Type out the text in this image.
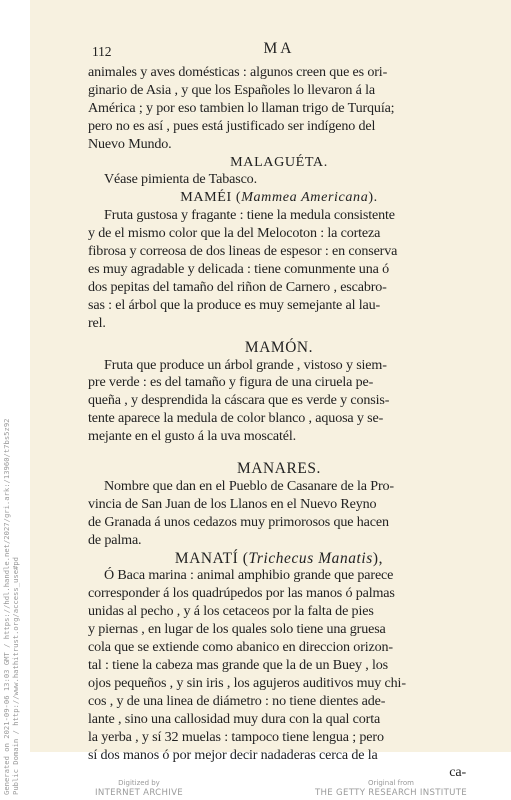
Generated on 2021-09-06 13:03 GMT / https://hdl.handle.net/2027/gri.ark:/13960/t7bs5z92 Public Domain / http://www.hathitrust.org/access_use#pd
112	MA

animales y aves domésticas : algunos creen que es ori-

ginario de Asia , y que los Españoles lo llevaron á la

América ; y por eso tambien lo llaman trigo de Turquía;

pero no es así , pues está justificado ser indígeno del

Nuevo Mundo.

MALAGUÉTA.

Véase pimienta de Tabasco.

MAMÉI (Mammea Americana).

Fruta gustosa y fragante : tiene la medula consistente

y de el mismo color que la del Melocoton : la corteza

fibrosa y correosa de dos lineas de espesor : en conserva

es muy agradable y delicada : tiene comunmente una ó

dos pepitas del tamaño del riñon de Carnero , escabro-

sas : el árbol que la produce es muy semejante al lau-

rel.

MAMÓN.

Fruta que produce un árbol grande , vistoso y siem-

pre verde : es del tamaño y figura de una ciruela pe-

queña , y desprendida la cáscara que es verde y consis-

tente aparece la medula de color blanco , aquosa y se-

mejante en el gusto á la uva moscatél.

MANARES.

Nombre que dan en el Pueblo de Casanare de la Pro-

vincia de San Juan de los Llanos en el Nuevo Reyno

de Granada á unos cedazos muy primorosos que hacen

de palma.

MANATÍ (Trichecus Manatis),

Ó Baca marina : animal amphibio grande que parece

corresponder á los quadrúpedos por las manos ó palmas

unidas al pecho , y á los cetaceos por la falta de pies

y piernas , en lugar de los quales solo tiene una gruesa

cola que se extiende como abanico en direccion orizon-

tal : tiene la cabeza mas grande que la de un Buey , los

ojos pequeños , y sin iris , los agujeros auditivos muy chi-

cos , y de una linea de diámetro : no tiene dientes ade-

lante , sino una callosidad muy dura con la qual corta

la yerba , y sí 32 muelas : tampoco tiene lengua ; pero

sí dos manos ó por mejor decir nadaderas cerca de la

ca-

Digitized by
INTERNET ARCHIVE
Original from
THE GETTY RESEARCH INSTITUTE
